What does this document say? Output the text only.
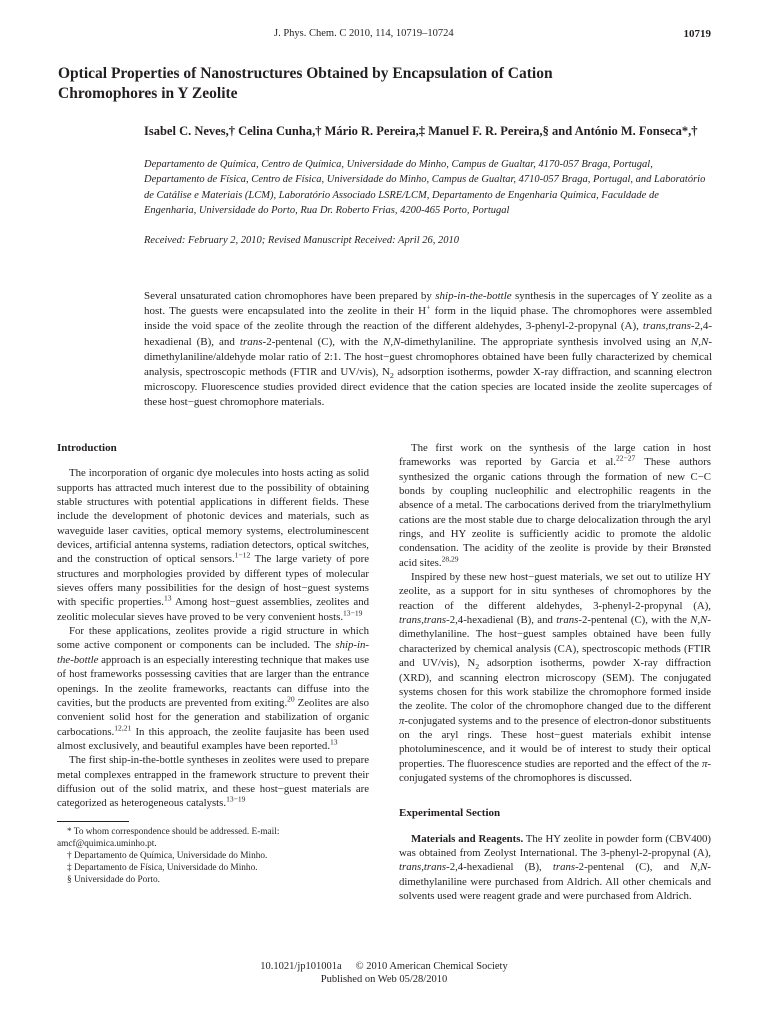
J. Phys. Chem. C 2010, 114, 10719–10724	10719
Optical Properties of Nanostructures Obtained by Encapsulation of Cation Chromophores in Y Zeolite
Isabel C. Neves,† Celina Cunha,† Mário R. Pereira,‡ Manuel F. R. Pereira,§ and António M. Fonseca*,†
Departamento de Química, Centro de Química, Universidade do Minho, Campus de Gualtar, 4170-057 Braga, Portugal, Departamento de Física, Centro de Física, Universidade do Minho, Campus de Gualtar, 4710-057 Braga, Portugal, and Laboratório de Catálise e Materiais (LCM), Laboratório Associado LSRE/LCM, Departamento de Engenharia Química, Faculdade de Engenharia, Universidade do Porto, Rua Dr. Roberto Frias, 4200-465 Porto, Portugal
Received: February 2, 2010; Revised Manuscript Received: April 26, 2010
Several unsaturated cation chromophores have been prepared by ship-in-the-bottle synthesis in the supercages of Y zeolite as a host. The guests were encapsulated into the zeolite in their H+ form in the liquid phase. The chromophores were assembled inside the void space of the zeolite through the reaction of the different aldehydes, 3-phenyl-2-propynal (A), trans,trans-2,4-hexadienal (B), and trans-2-pentenal (C), with the N,N-dimethylaniline. The appropriate synthesis involved using an N,N-dimethylaniline/aldehyde molar ratio of 2:1. The host−guest chromophores obtained have been fully characterized by chemical analysis, spectroscopic methods (FTIR and UV/vis), $N_2$ adsorption isotherms, powder X-ray diffraction, and scanning electron microscopy. Fluorescence studies provided direct evidence that the cation species are located inside the zeolite supercages of these host−guest chromophore materials.

Introduction

The incorporation of organic dye molecules into hosts acting as solid supports has attracted much interest due to the possibility of obtaining stable structures with potential applications in different fields. These include the development of photonic devices and materials, such as waveguide laser cavities, optical memory systems, electroluminescent devices, artificial antenna systems, radiation detectors, optical switches, and the construction of optical sensors.$^{1-12}$ The large variety of pore structures and morphologies provided by different types of molecular sieves offers many possibilities for the design of host−guest systems with specific properties.$^{13}$ Among host−guest assemblies, zeolites and zeolitic molecular sieves have proved to be very convenient hosts.$^{13-19}$

For these applications, zeolites provide a rigid structure in which some active component or components can be included. The ship-in-the-bottle approach is an especially interesting technique that makes use of host frameworks possessing cavities that are larger than the entrance openings. In the zeolite frameworks, reactants can diffuse into the cavities, but the products are prevented from exiting.$^{20}$ Zeolites are also convenient solid host for the generation and stabilization of organic carbocations.$^{12,21}$ In this approach, the zeolite faujasite has been used almost exclusively, and beautiful examples have been reported.$^{13}$

The first ship-in-the-bottle syntheses in zeolites were used to prepare metal complexes entrapped in the framework structure to prevent their diffusion out of the solid matrix, and these host−guest materials are categorized as heterogeneous catalysts.$^{13-19}$

* To whom correspondence should be addressed. E-mail: amcf@quimica.uminho.pt.
† Departamento de Química, Universidade do Minho.
‡ Departamento de Física, Universidade do Minho.
§ Universidade do Porto.

The first work on the synthesis of the large cation in host frameworks was reported by Garcia et al.$^{22-27}$ These authors synthesized the organic cations through the formation of new C−C bonds by coupling nucleophilic and electrophilic reagents in the absence of a metal. The carbocations derived from the triarylmethylium cations are the most stable due to charge delocalization through the aryl rings, and HY zeolite is sufficiently acidic to promote the aldolic condensation. The acidity of the zeolite is provide by their Brønsted acid sites.$^{28,29}$

Inspired by these new host−guest materials, we set out to utilize HY zeolite, as a support for in situ syntheses of chromophores by the reaction of the different aldehydes, 3-phenyl-2-propynal (A), trans,trans-2,4-hexadienal (B), and trans-2-pentenal (C), with the N,N-dimethylaniline. The host−guest samples obtained have been fully characterized by chemical analysis (CA), spectroscopic methods (FTIR and UV/vis), $N_2$ adsorption isotherms, powder X-ray diffraction (XRD), and scanning electron microscopy (SEM). The conjugated systems chosen for this work stabilize the chromophore formed inside the zeolite. The color of the chromophore changed due to the different π-conjugated systems and to the presence of electron-donor substituents on the aryl rings. These host−guest materials exhibit intense photoluminescence, and it would be of interest to study their optical properties. The fluorescence studies are reported and the effect of the π-conjugated systems of the chromophores is discussed.

Experimental Section

Materials and Reagents. The HY zeolite in powder form (CBV400) was obtained from Zeolyst International. The 3-phenyl-2-propynal (A), trans,trans-2,4-hexadienal (B), trans-2-pentenal (C), and N,N-dimethylaniline were purchased from Aldrich. All other chemicals and solvents used were reagent grade and were purchased from Aldrich.

10.1021/jp101001a © 2010 American Chemical Society
Published on Web 05/28/2010
